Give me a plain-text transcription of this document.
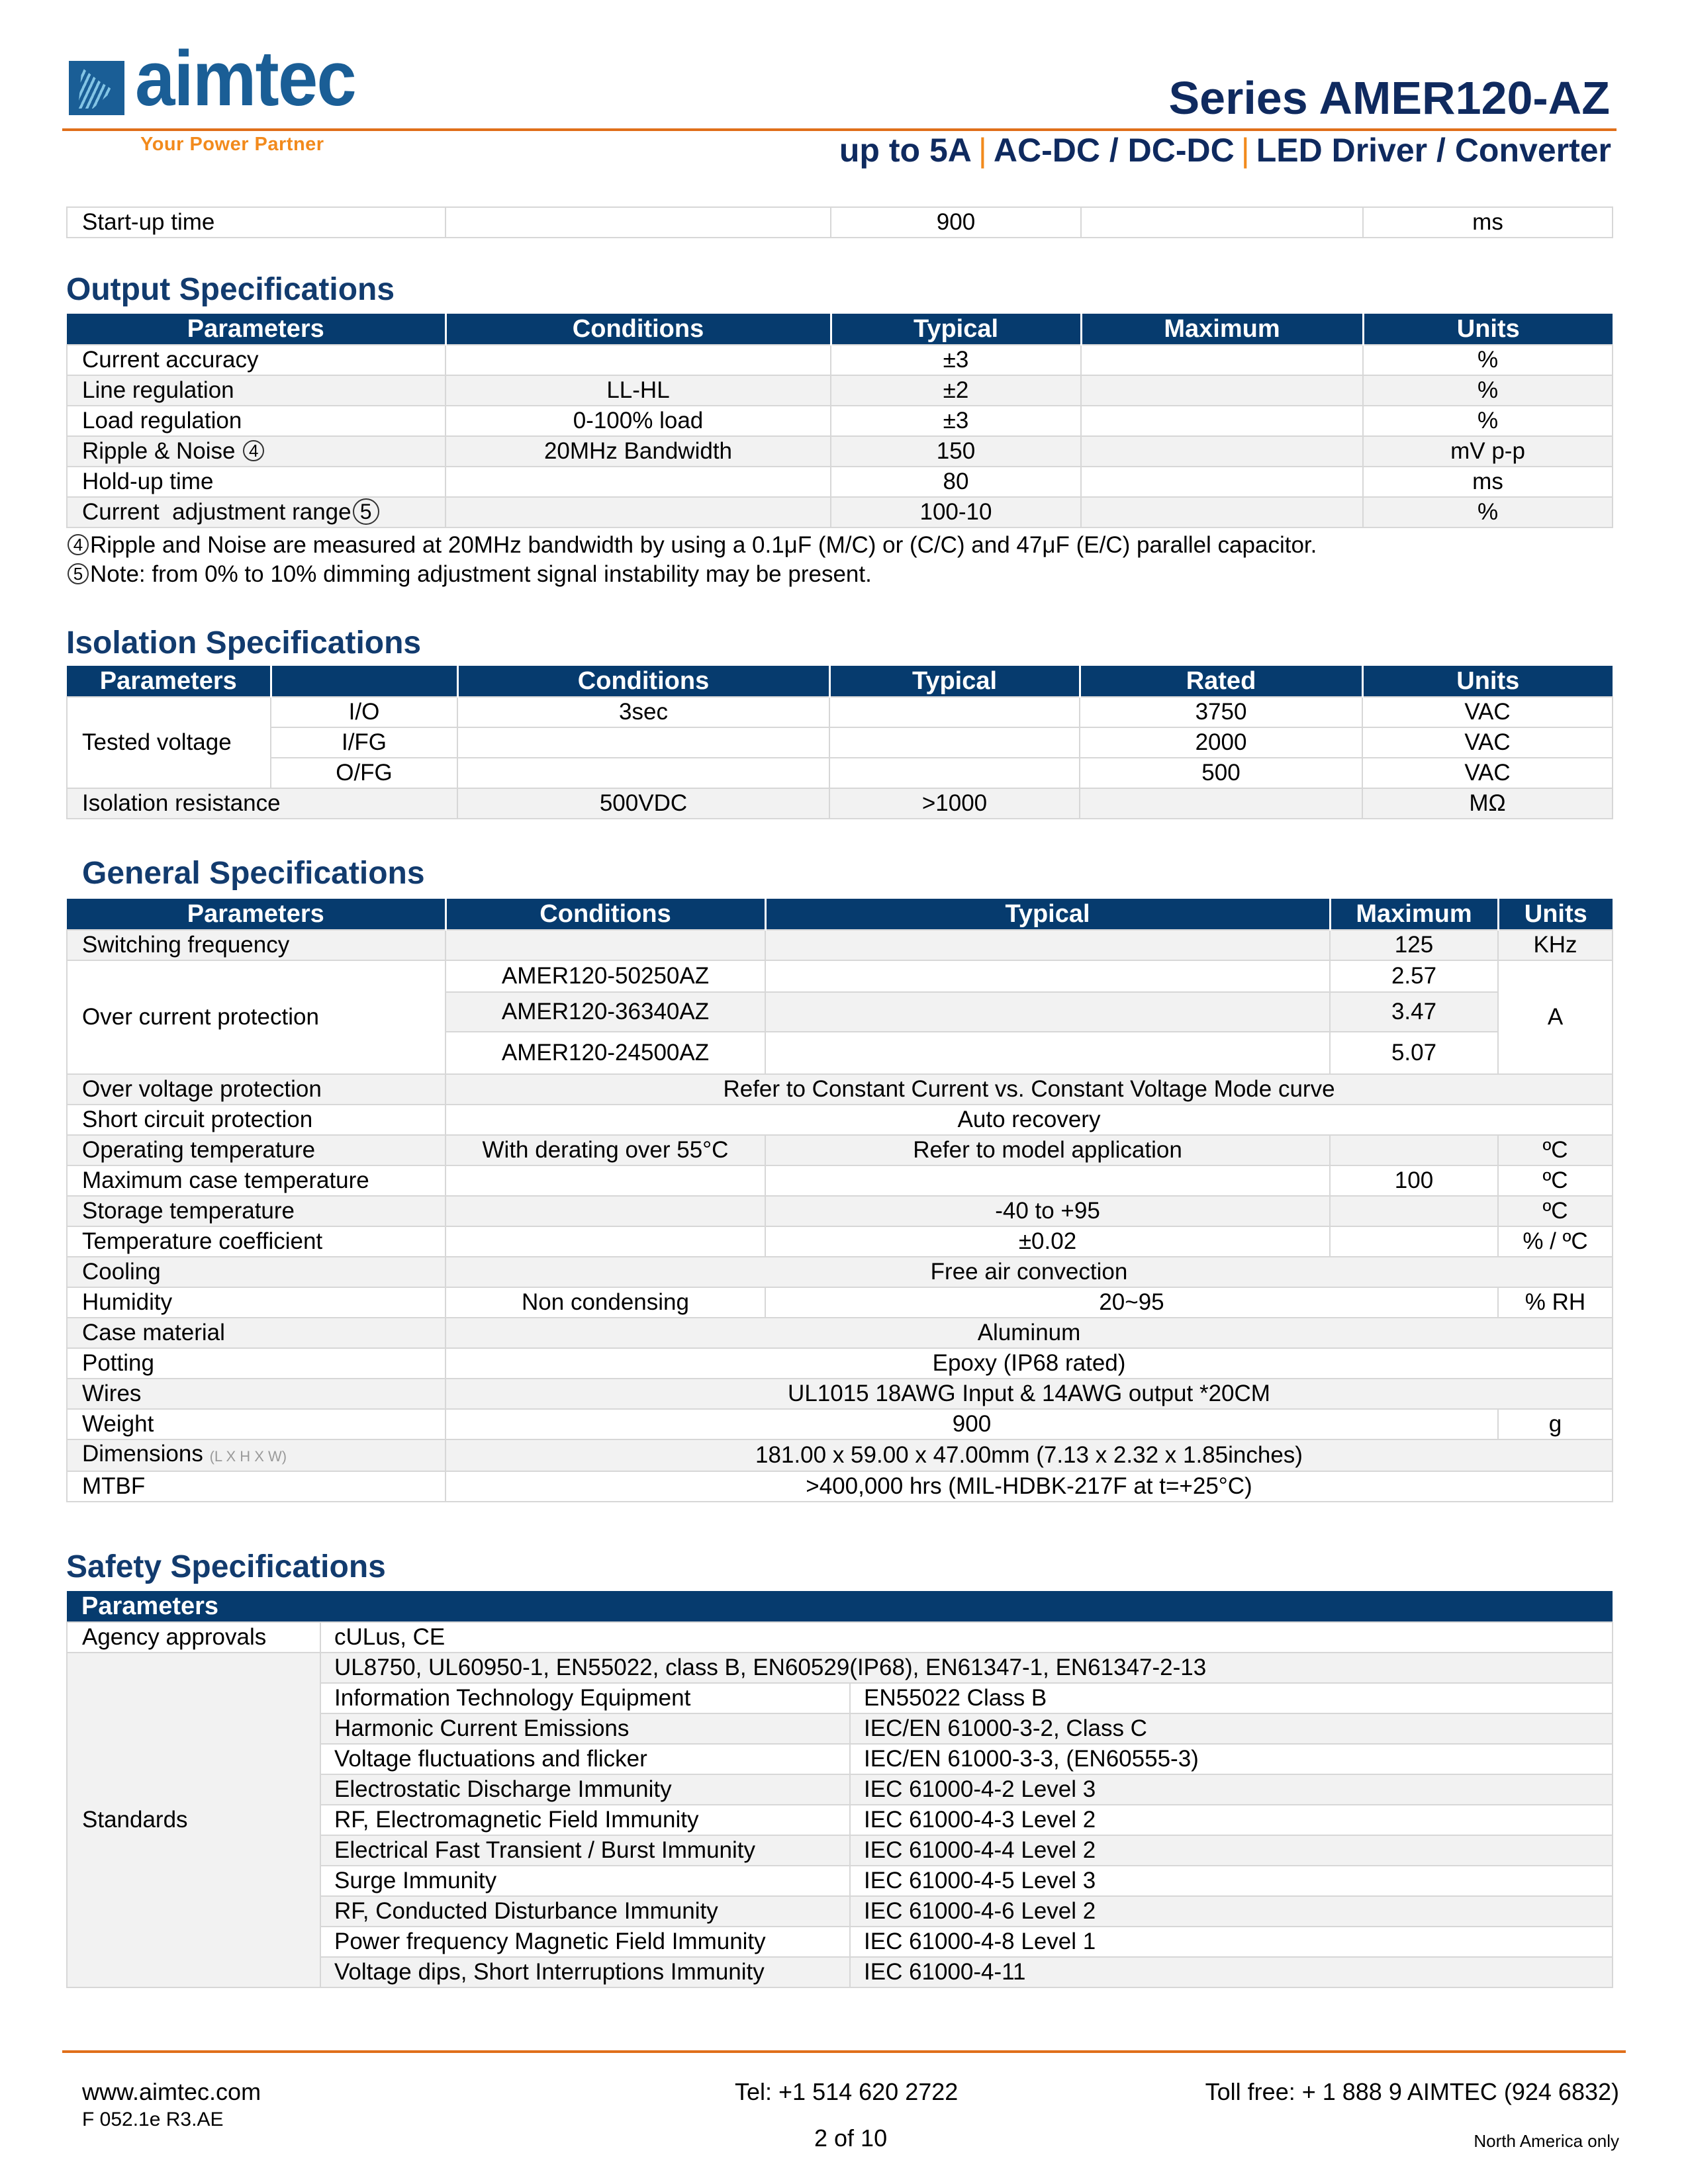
aimtec
Your Power Partner
Series AMER120-AZ
up to 5A | AC-DC / DC-DC | LED Driver / Converter
Start-up time		900		ms
Output Specifications
Parameters	Conditions	Typical	Maximum	Units
Current accuracy		±3		%
Line regulation	LL-HL	±2		%
Load regulation	0-100% load	±3		%
Ripple & Noise 4	20MHz Bandwidth	150		mV p-p
Hold-up time		80		ms
Current  adjustment range 5		100-10		%
4 Ripple and Noise are measured at 20MHz bandwidth by using a 0.1μF (M/C) or (C/C) and 47μF (E/C) parallel capacitor.
5 Note: from 0% to 10% dimming adjustment signal instability may be present.
Isolation Specifications
Parameters		Conditions	Typical	Rated	Units
Tested voltage	I/O	3sec		3750	VAC
	I/FG			2000	VAC
	O/FG			500	VAC
Isolation resistance		500VDC	>1000		MΩ
General Specifications
Parameters	Conditions	Typical	Maximum	Units
Switching frequency			125	KHz
Over current protection	AMER120-50250AZ		2.57	A
	AMER120-36340AZ		3.47	
	AMER120-24500AZ		5.07	
Over voltage protection	Refer to Constant Current vs. Constant Voltage Mode curve			
Short circuit protection	Auto recovery			
Operating temperature	With derating over 55°C	Refer to model application		ºC
Maximum case temperature			100	ºC
Storage temperature		-40 to +95		ºC
Temperature coefficient		±0.02		% / ºC
Cooling	Free air convection			
Humidity	Non condensing	20~95		% RH
Case material	Aluminum			
Potting	Epoxy (IP68 rated)			
Wires	UL1015 18AWG Input & 14AWG output *20CM			
Weight	900			g
Dimensions (L X H X W)	181.00 x 59.00 x 47.00mm (7.13 x 2.32 x 1.85inches)			
MTBF	>400,000 hrs (MIL-HDBK-217F at t=+25°C)			
Safety Specifications
Parameters		
Agency approvals	cULus, CE	
Standards	UL8750, UL60950-1, EN55022, class B, EN60529(IP68), EN61347-1, EN61347-2-13	
	Information Technology Equipment	EN55022 Class B
	Harmonic Current Emissions	IEC/EN 61000-3-2, Class C
	Voltage fluctuations and flicker	IEC/EN 61000-3-3, (EN60555-3)
	Electrostatic Discharge Immunity	IEC 61000-4-2 Level 3
	RF, Electromagnetic Field Immunity	IEC 61000-4-3 Level 2
	Electrical Fast Transient / Burst Immunity	IEC 61000-4-4 Level 2
	Surge Immunity	IEC 61000-4-5 Level 3
	RF, Conducted Disturbance Immunity	IEC 61000-4-6 Level 2
	Power frequency Magnetic Field Immunity	IEC 61000-4-8 Level 1
	Voltage dips, Short Interruptions Immunity	IEC 61000-4-11
www.aimtec.com
F 052.1e R3.AE
Tel: +1 514 620 2722	Toll free: + 1 888 9 AIMTEC (924 6832)
2 of 10	North America only
